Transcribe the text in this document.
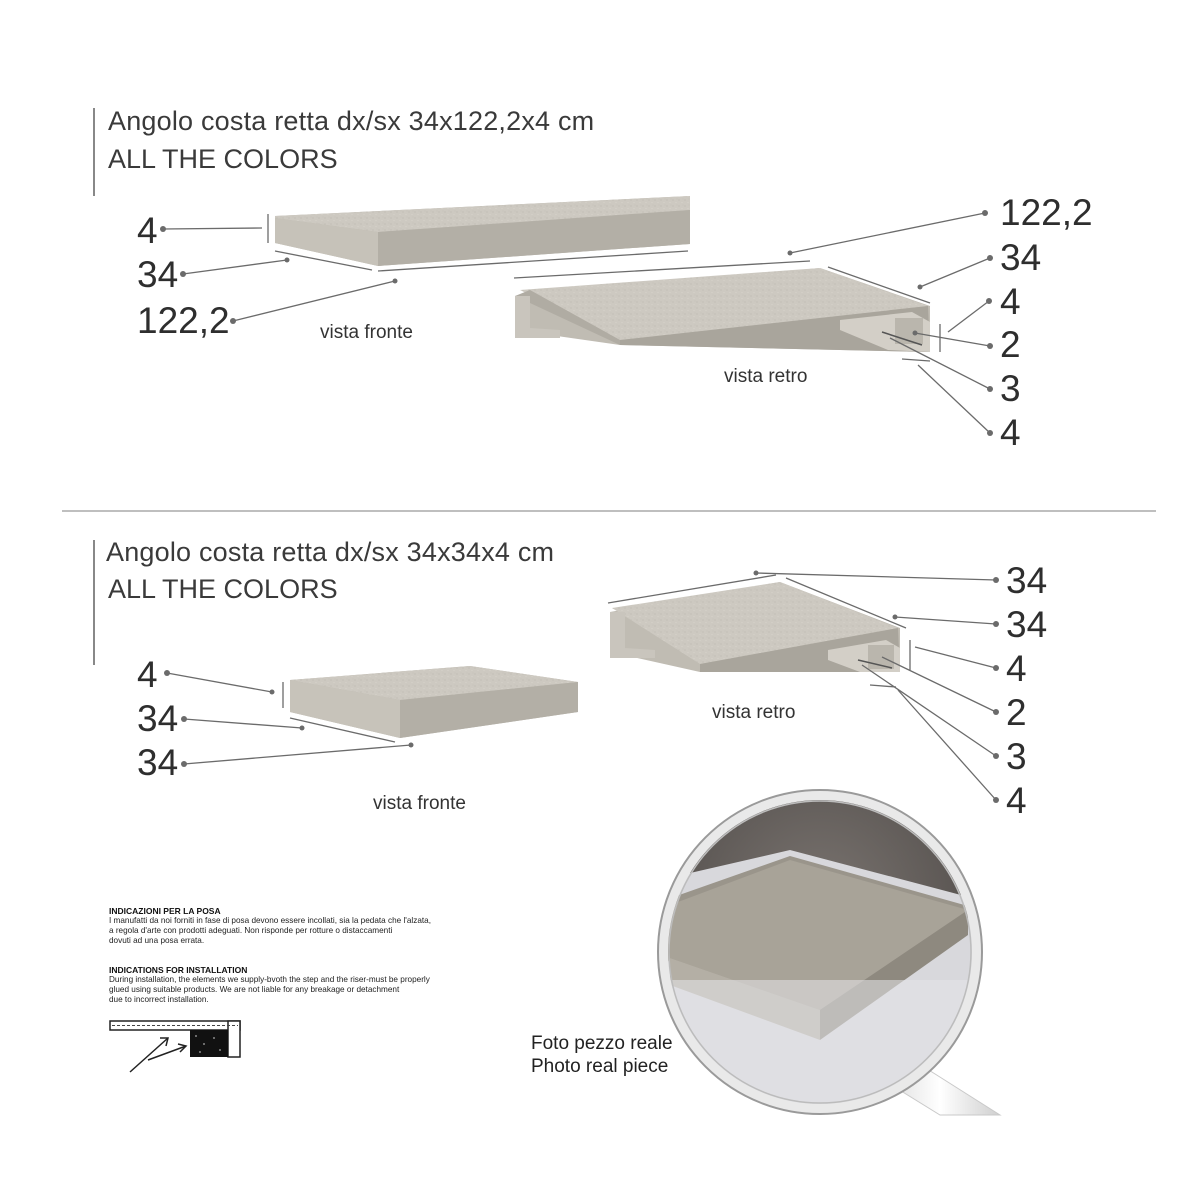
Angolo costa retta dx/sx 34x122,2x4 cm
ALL THE COLORS
4
34
122,2	vista fronte
122,2
34
4
2
3
4
vista retro
Angolo costa retta dx/sx 34x34x4 cm
ALL THE COLORS
4
34
34
vista fronte
34
34
4
2
3
4
vista retro
INDICAZIONI PER LA POSA
I manufatti da noi forniti in fase di posa devono essere incollati, sia la pedata che l'alzata,
a regola d'arte con prodotti adeguati. Non risponde per rotture o distaccamenti
dovuti ad una posa errata.
INDICATIONS FOR INSTALLATION
During installation, the elements we supply-bvoth the step and the riser-must be properly
glued using suitable products. We are not liable for any breakage or detachment
due to incorrect installation.
Foto pezzo reale
Photo real piece
